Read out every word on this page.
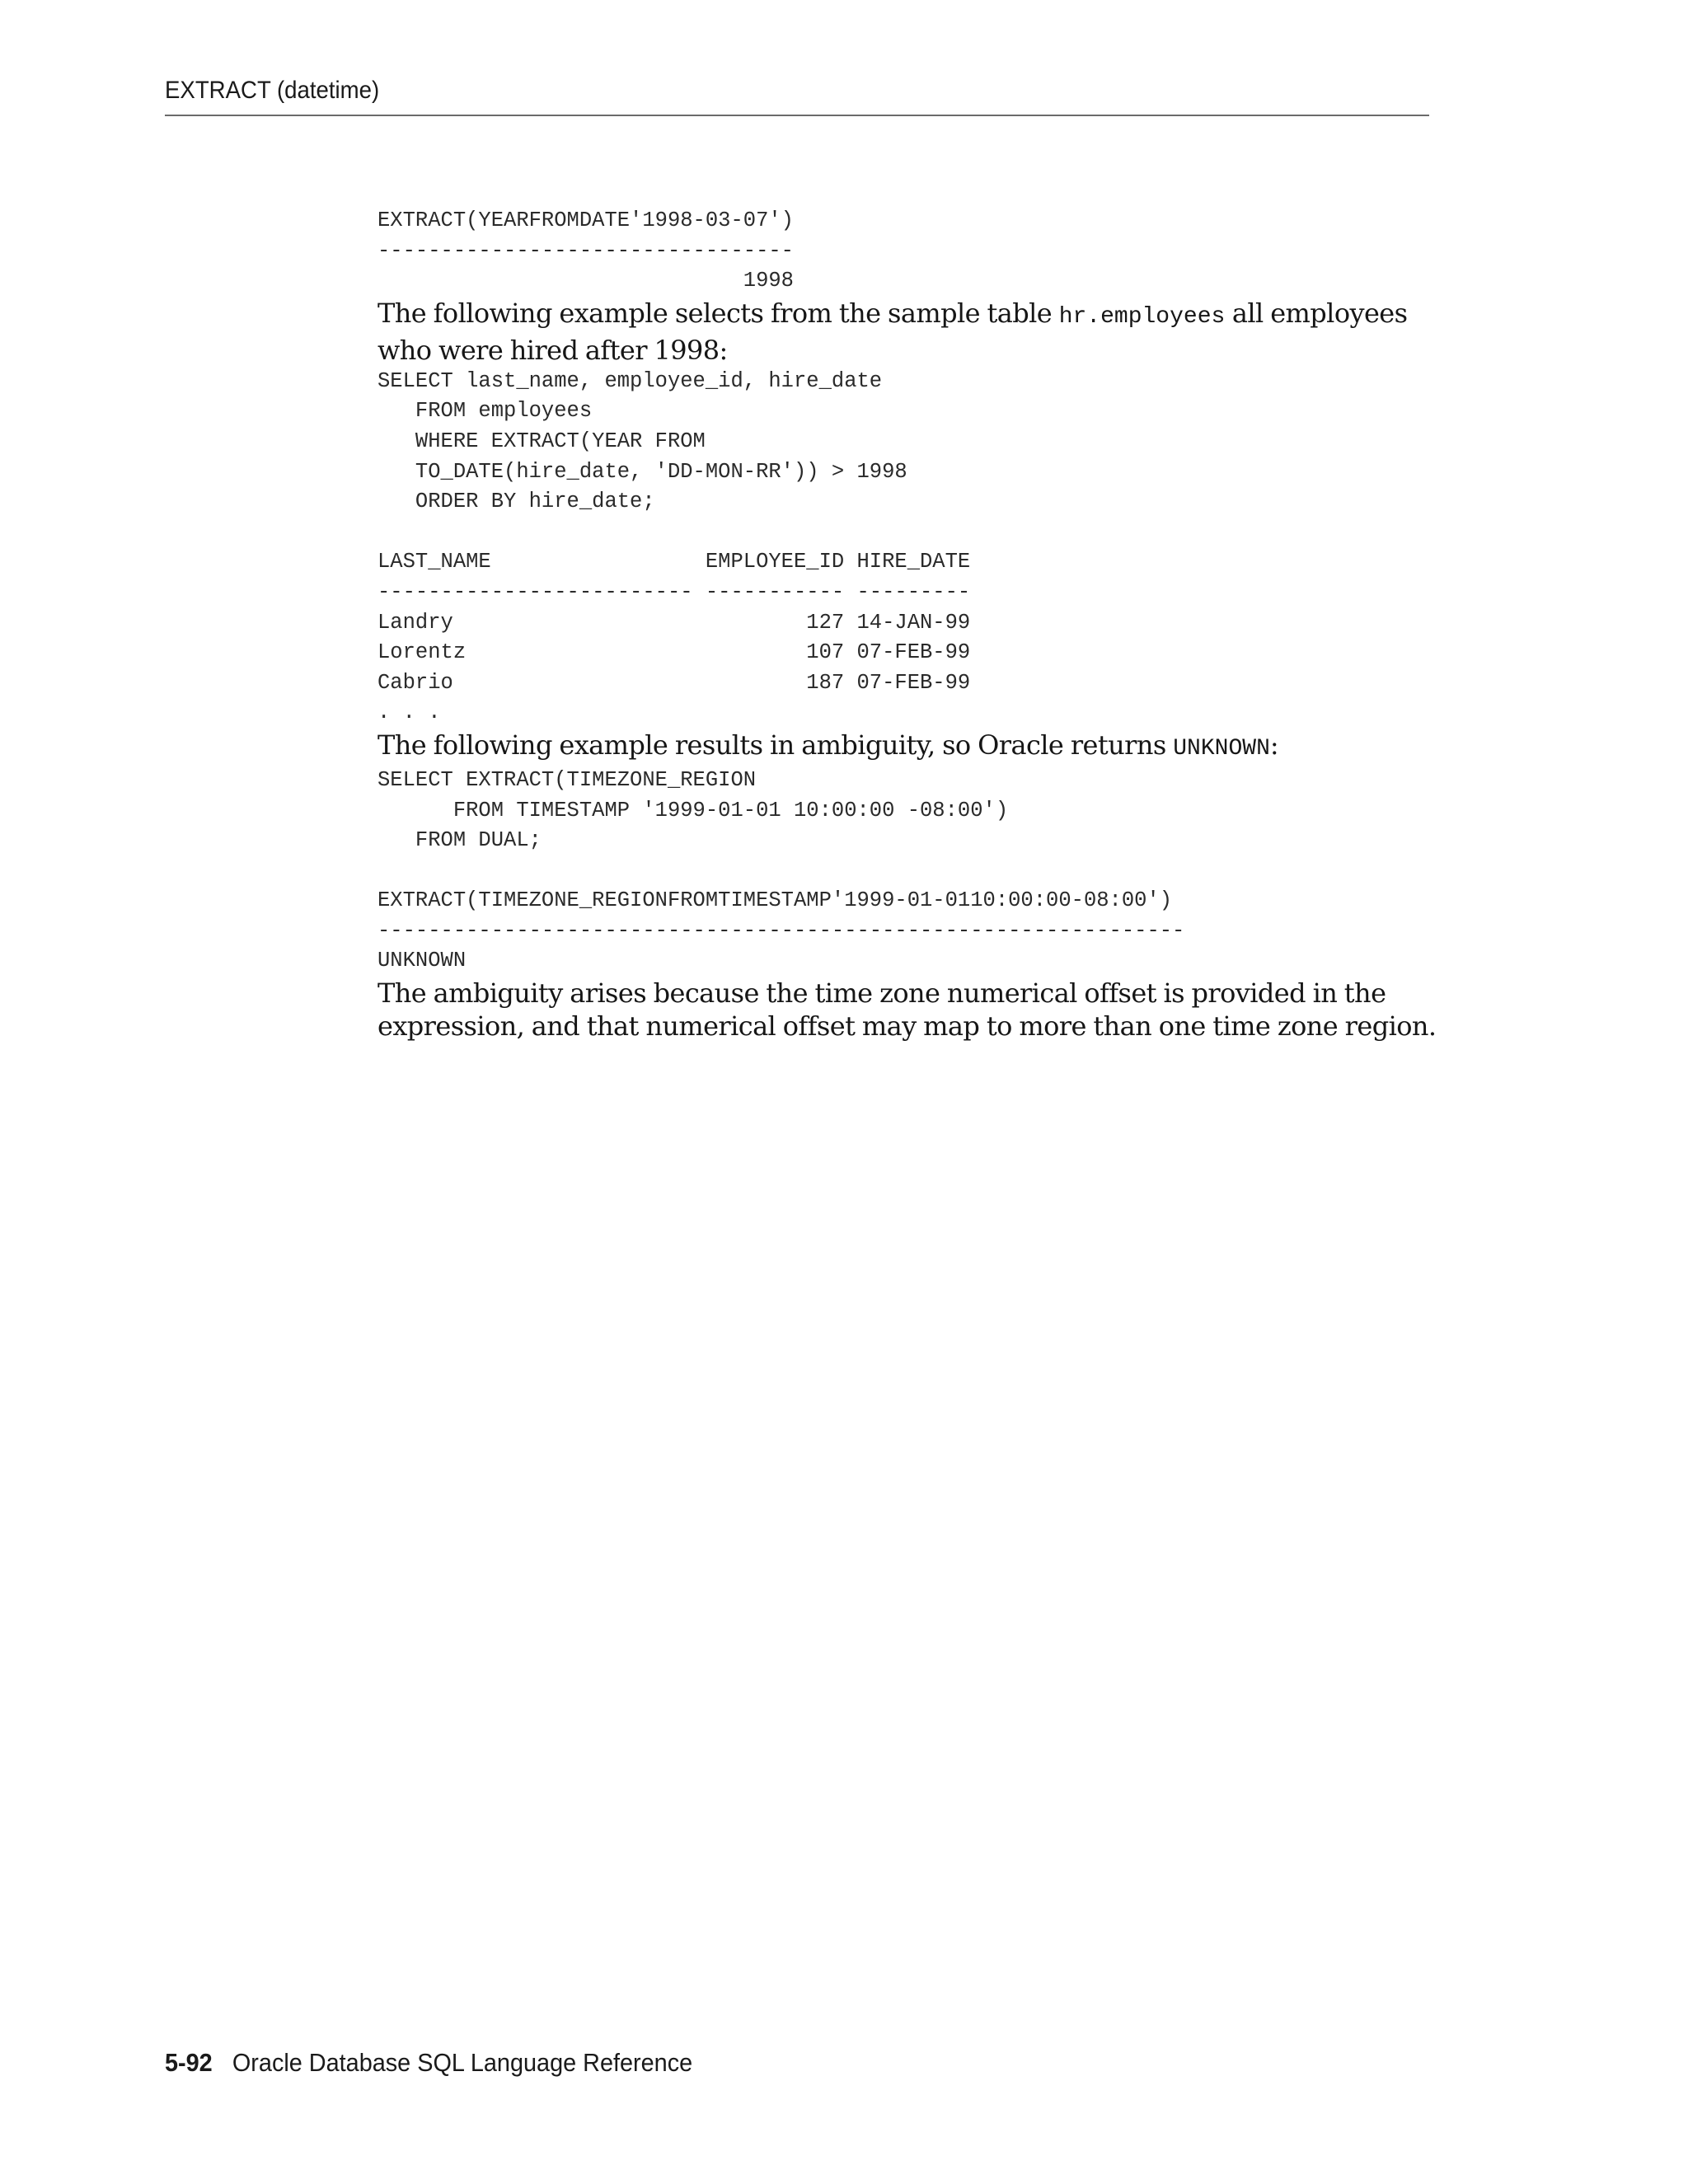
EXTRACT (datetime)
EXTRACT(YEARFROMDATE'1998-03-07')
---------------------------------
1998

The following example selects from the sample table hr.employees all employees who were hired after 1998:

SELECT last_name, employee_id, hire_date
FROM employees
WHERE EXTRACT(YEAR FROM
TO_DATE(hire_date, 'DD-MON-RR')) > 1998
ORDER BY hire_date;

LAST_NAME                 EMPLOYEE_ID HIRE_DATE
------------------------- ----------- ---------
Landry                            127 14-JAN-99
Lorentz                           107 07-FEB-99
Cabrio                            187 07-FEB-99
. . .

The following example results in ambiguity, so Oracle returns UNKNOWN:

SELECT EXTRACT(TIMEZONE_REGION
FROM TIMESTAMP '1999-01-01 10:00:00 -08:00')
FROM DUAL;

EXTRACT(TIMEZONE_REGIONFROMTIMESTAMP'1999-01-0110:00:00-08:00')
----------------------------------------------------------------
UNKNOWN

The ambiguity arises because the time zone numerical offset is provided in the expression, and that numerical offset may map to more than one time zone region.

5-92 Oracle Database SQL Language Reference
